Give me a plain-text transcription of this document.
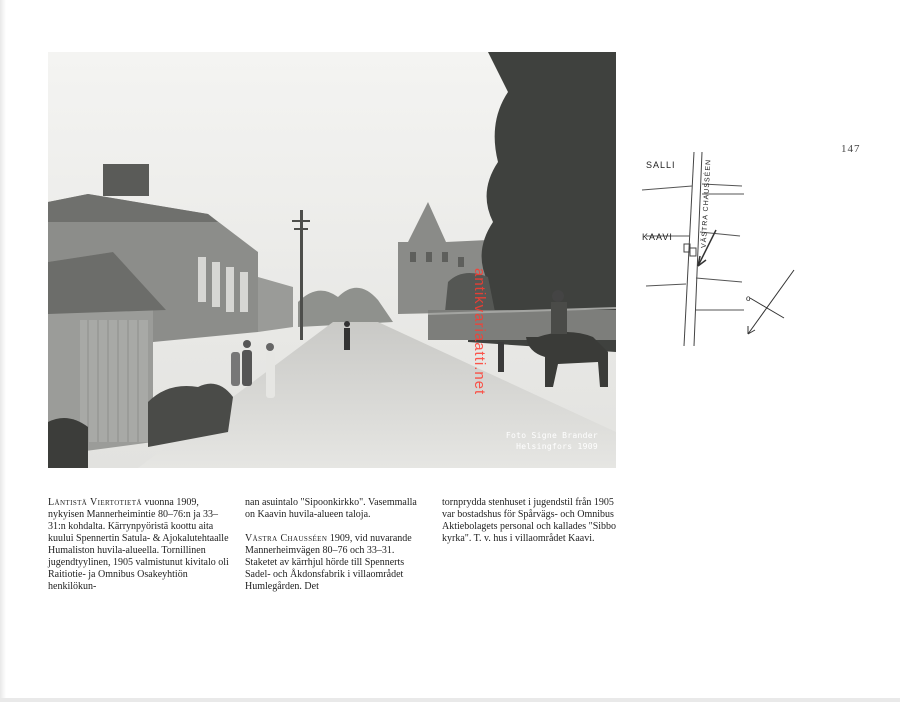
147
Foto Signe Brander
Helsingfors 1909
antikvariaatti.net
SALLI
KAAVI	VÄSTRA CHAUSSÉEN
o

Läntistä Viertotietä vuonna 1909, nykyisen Mannerheimintie 80–76:n ja 33–31:n kohdalta. Kärrynpyöristä koottu aita kuului Spennertin Satula- & Ajokalutehtaalle Humaliston huvila-alueella. Tornillinen jugendtyylinen, 1905 valmistunut kivitalo oli Raitiotie- ja Omnibus Osakeyhtiön henkilökun-

nan asuintalo "Sipoonkirkko". Vasemmalla on Kaavin huvila-alueen taloja.

Västra Chausséen 1909, vid nuvarande Mannerheimvägen 80–76 och 33–31. Staketet av kärrhjul hörde till Spennerts Sadel- och Åkdonsfabrik i villaområdet Humlegården. Det

tornprydda stenhuset i jugendstil från 1905 var bostadshus för Spårvägs- och Omnibus Aktiebolagets personal och kallades "Sibbo kyrka". T. v. hus i villaområdet Kaavi.
